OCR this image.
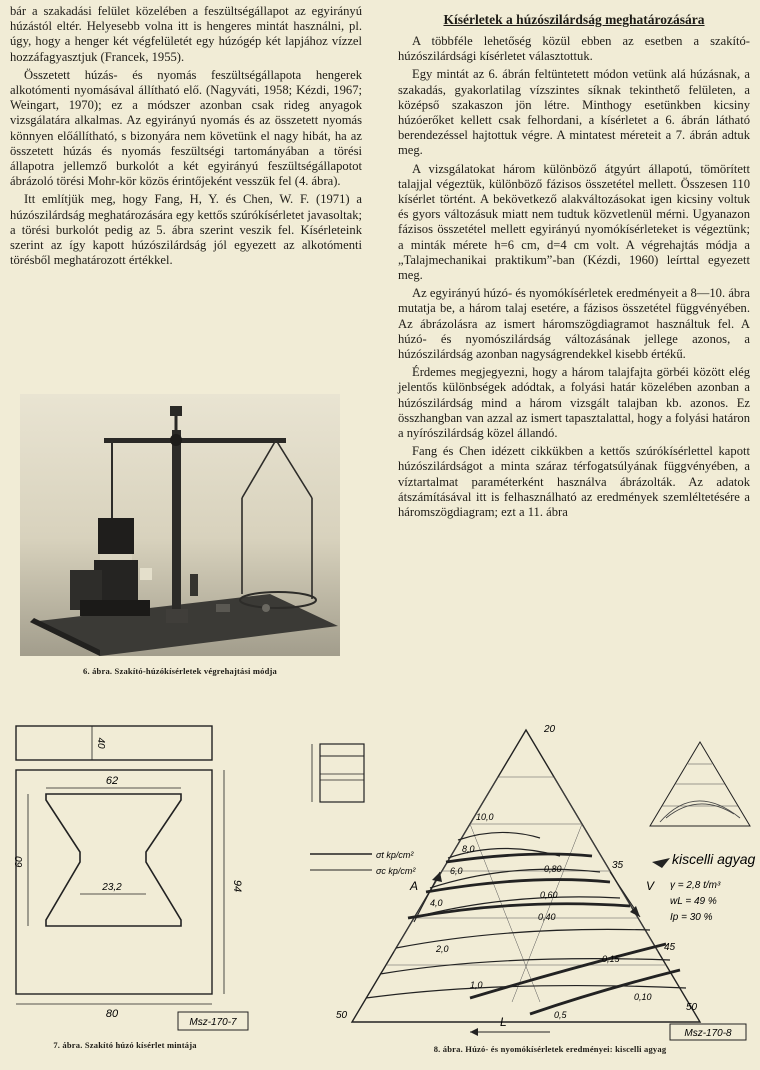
bár a szakadási felület közelében a feszültségállapot az egyirányú húzástól eltér. Helyesebb volna itt is hengeres mintát használni, pl. úgy, hogy a henger két végfelületét egy húzógép két lapjához vízzel hozzáfagyasztjuk (Francek, 1955).

Összetett húzás- és nyomás feszültségállapota hengerek alkotómenti nyomásával állítható elő. (Nagyváti, 1958; Kézdi, 1967; Weingart, 1970); ez a módszer azonban csak rideg anyagok vizsgálatára alkalmas. Az egyirányú nyomás és az összetett nyomás könnyen előállítható, s bizonyára nem követünk el nagy hibát, ha az összetett húzás és nyomás feszültségi tartományában a törési állapotra jellemző burkolót a két egyirányú feszültségállapotot ábrázoló törési Mohr-kör közös érintőjeként vesszük fel (4. ábra).

Itt említjük meg, hogy Fang, H, Y. és Chen, W. F. (1971) a húzószilárdság meghatározására egy kettős szúrókísérletet javasoltak; a törési burkolót pedig az 5. ábra szerint veszik fel. Kísérleteink szerint az így kapott húzószilárdság jól egyezett az alkotómenti törésből meghatározott értékkel.

Kísérletek a húzószilárdság meghatározására

A többféle lehetőség közül ebben az esetben a szakító-húzószilárdsági kísérletet választottuk.

Egy mintát az 6. ábrán feltüntetett módon vetünk alá húzásnak, a szakadás, gyakorlatilag vízszintes síknak tekinthető felületen, a középső szakaszon jön létre. Minthogy esetünkben kicsiny húzóerőket kellett csak felhordani, a kísérletet a 6. ábrán látható berendezéssel hajtottuk végre. A mintatest méreteit a 7. ábrán adtuk meg.

A vizsgálatokat három különböző átgyúrt állapotú, tömörített talajjal végeztük, különböző fázisos összetétel mellett. Összesen 110 kísérlet történt. A bekövetkező alakváltozásokat igen kicsiny voltuk és gyors változásuk miatt nem tudtuk közvetlenül mérni. Ugyanazon fázisos összetétel mellett egyirányú nyomókísérleteket is végeztünk; a minták mérete h=6 cm, d=4 cm volt. A végrehajtás módja a „Talajmechanikai praktikum”-ban (Kézdi, 1960) leírttal egyezett meg.

Az egyirányú húzó- és nyomókísérletek eredményeit a 8—10. ábra mutatja be, a három talaj esetére, a fázisos összetétel függvényében. Az ábrázolásra az ismert háromszögdiagramot használtuk fel. A húzó- és nyomószilárdság változásának jellege azonos, a húzószilárdság azonban nagyságrendekkel kisebb értékű.

Érdemes megjegyezni, hogy a három talajfajta görbéi között elég jelentős különbségek adódtak, a folyási határ közelében azonban a húzószilárdság mind a három vizsgált talajban kb. azonos. Ez összhangban van azzal az ismert tapasztalattal, hogy a folyási határon a nyírószilárdság közel állandó.

Fang és Chen idézett cikkükben a kettős szúrókísérlettel kapott húzószilárdságot a minta száraz térfogatsúlyának függvényében, a víztartalmat paraméterként használva ábrázolták. Az adatok átszámításával itt is felhasználható az eredmények szemléltetésére a háromszögdiagram; ezt a 11. ábra

6. ábra. Szakító-húzókísérletek végrehajtási módja
62
23,2
80
94
60
40
Msz-170-7
7. ábra. Szakító húzó kísérlet mintája
20
35
45
50
50
σt kp/cm²
σc kp/cm²
A	V
L
kiscelli agyag
γ = 2,8 t/m³
wL = 49 %
Ip = 30 %
10,0
8,0
6,0
4,0
2,0
1,0
0,5
0,80
0,60
0,40
0,15
0,10
Msz-170-8
8. ábra. Húzó- és nyomókísérletek eredményei: kiscelli agyag
